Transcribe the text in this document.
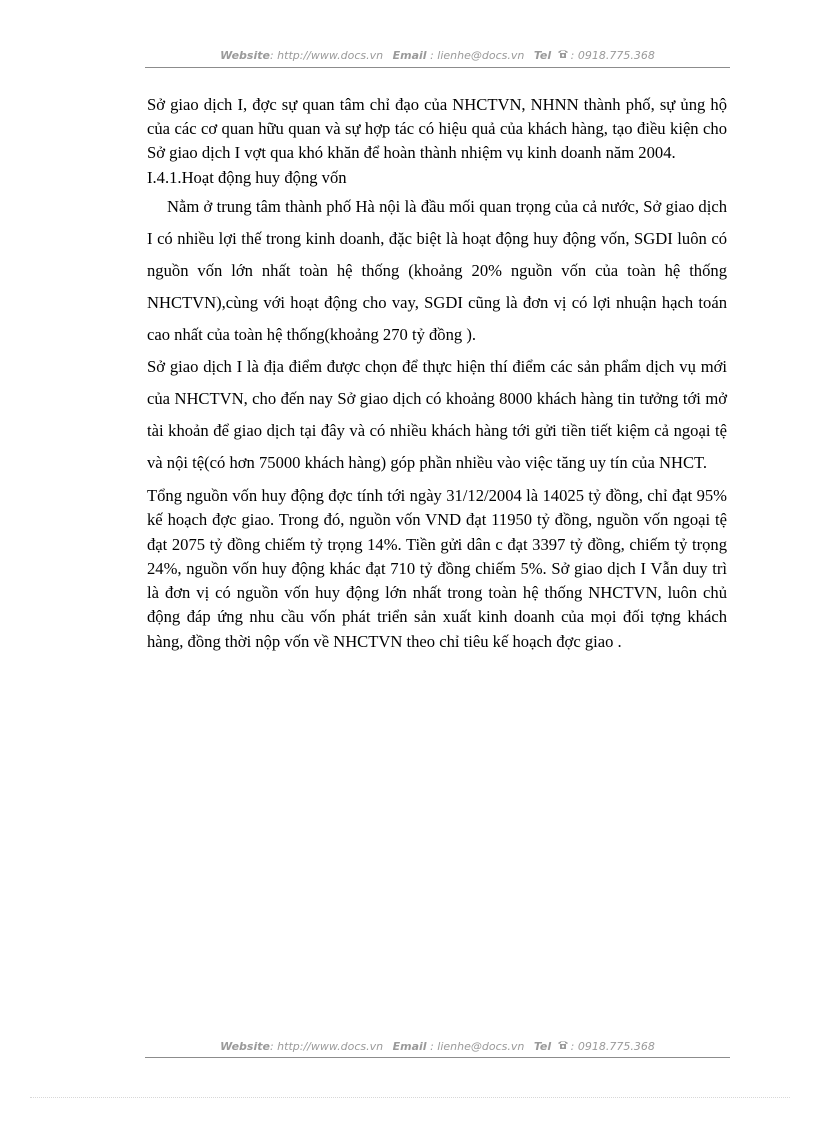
Website: http://www.docs.vn Email : lienhe@docs.vn Tel : 0918.775.368

Sở giao dịch I, đợc sự quan tâm chỉ đạo của NHCTVN, NHNN thành phố, sự ủng hộ của các cơ quan hữu quan và sự hợp tác có hiệu quả của khách hàng, tạo điều kiện cho Sở giao dịch I vợt qua khó khăn để hoàn thành nhiệm vụ kinh doanh năm 2004.

I.4.1.Hoạt động huy động vốn

Nằm ở trung tâm thành phố Hà nội là đầu mối quan trọng của cả nước, Sở giao dịch I có nhiều lợi thế trong kinh doanh, đặc biệt là hoạt động huy động vốn, SGDI luôn có nguồn vốn lớn nhất toàn hệ thống (khoảng 20% nguồn vốn của toàn hệ thống NHCTVN),cùng với hoạt động cho vay, SGDI cũng là đơn vị có lợi nhuận hạch toán cao nhất của toàn hệ thống(khoảng 270 tỷ đồng ).

Sở giao dịch I là địa điểm được chọn để thực hiện thí điểm các sản phẩm dịch vụ mới của NHCTVN, cho đến nay Sở giao dịch có khoảng 8000 khách hàng tin tưởng tới mở tài khoản để giao dịch tại đây và có nhiều khách hàng tới gửi tiền tiết kiệm cả ngoại tệ và nội tệ(có hơn 75000 khách hàng) góp phần nhiều vào việc tăng uy tín của NHCT.

Tổng nguồn vốn huy động đợc tính tới ngày 31/12/2004 là 14025 tỷ đồng, chỉ đạt 95% kế hoạch đợc giao. Trong đó, nguồn vốn VND đạt 11950 tỷ đồng, nguồn vốn ngoại tệ đạt 2075 tỷ đồng chiếm tỷ trọng 14%. Tiền gửi dân c đạt 3397 tỷ đồng, chiếm tỷ trọng 24%, nguồn vốn huy động khác đạt 710 tỷ đồng chiếm 5%. Sở giao dịch I Vẫn duy trì là đơn vị có nguồn vốn huy động lớn nhất trong toàn hệ thống NHCTVN, luôn chủ động đáp ứng nhu cầu vốn phát triển sản xuất kinh doanh của mọi đối tợng khách hàng, đồng thời nộp vốn về NHCTVN theo chỉ tiêu kế hoạch đợc giao .

Website: http://www.docs.vn Email : lienhe@docs.vn Tel : 0918.775.368
